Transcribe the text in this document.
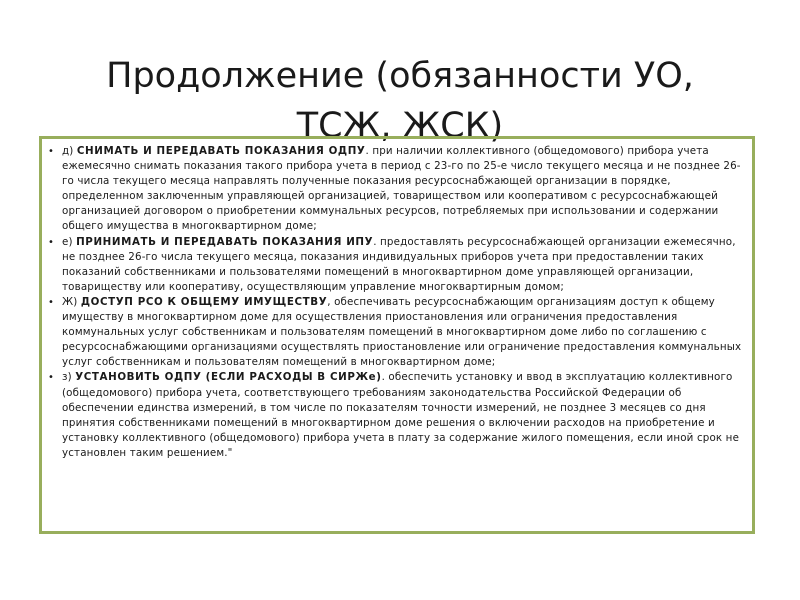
Продолжение (обязанности УО,
ТСЖ, ЖСК)

• д) СНИМАТЬ И ПЕРЕДАВАТЬ ПОКАЗАНИЯ ОДПУ. при наличии коллективного (общедомового) прибора учета ежемесячно снимать показания такого прибора учета в период с 23-го по 25-е число текущего месяца и не позднее 26-го числа текущего месяца направлять полученные показания ресурсоснабжающей организации в порядке, определенном заключенным управляющей организацией, товариществом или кооперативом с ресурсоснабжающей организацией договором о приобретении коммунальных ресурсов, потребляемых при использовании и содержании общего имущества в многоквартирном доме;

• е) ПРИНИМАТЬ И ПЕРЕДАВАТЬ ПОКАЗАНИЯ ИПУ. предоставлять ресурсоснабжающей организации ежемесячно, не позднее 26-го числа текущего месяца, показания индивидуальных приборов учета при предоставлении таких показаний собственниками и пользователями помещений в многоквартирном доме управляющей организации, товариществу или кооперативу, осуществляющим управление многоквартирным домом;

• Ж) ДОСТУП РСО К ОБЩЕМУ ИМУЩЕСТВУ, обеспечивать ресурсоснабжающим организациям доступ к общему имуществу в многоквартирном доме для осуществления приостановления или ограничения предоставления коммунальных услуг собственникам и пользователям помещений в многоквартирном доме либо по соглашению с ресурсоснабжающими организациями осуществлять приостановление или ограничение предоставления коммунальных услуг собственникам и пользователям помещений в многоквартирном доме;

• з) УСТАНОВИТЬ ОДПУ (ЕСЛИ РАСХОДЫ В СИРЖе). обеспечить установку и ввод в эксплуатацию коллективного (общедомового) прибора учета, соответствующего требованиям законодательства Российской Федерации об обеспечении единства измерений, в том числе по показателям точности измерений, не позднее 3 месяцев со дня принятия собственниками помещений в многоквартирном доме решения о включении расходов на приобретение и установку коллективного (общедомового) прибора учета в плату за содержание жилого помещения, если иной срок не установлен таким решением."
